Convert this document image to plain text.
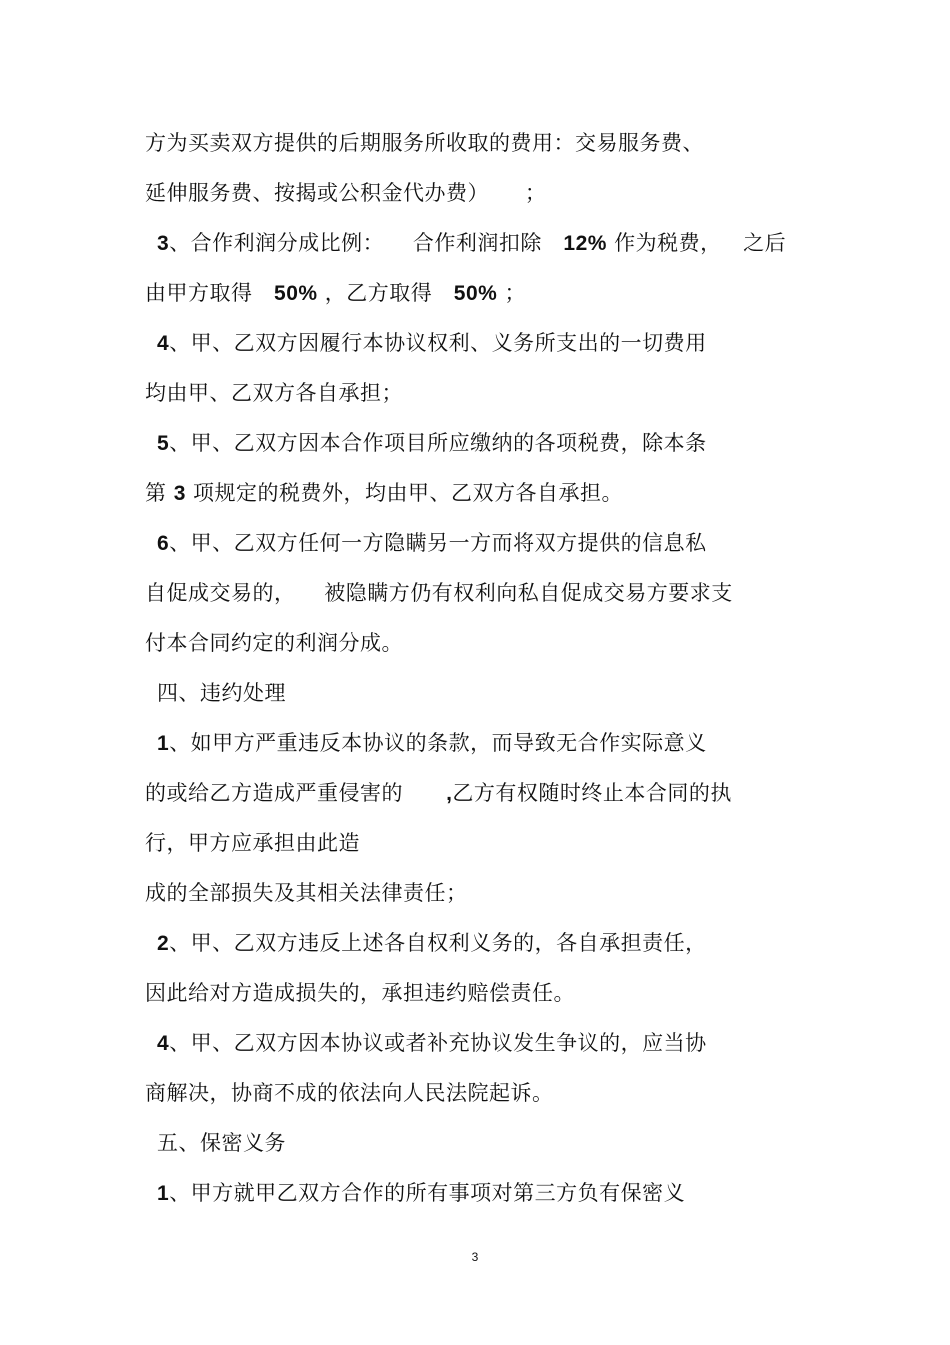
方为买卖双方提供的后期服务所收取的费用：交易服务费、
延伸服务费、按揭或公积金代办费）     ；
3、合作利润分成比例：    合作利润扣除   12% 作为税费，   之后
由甲方取得   50% ，乙方取得   50% ；
4、甲、乙双方因履行本协议权利、义务所支出的一切费用
均由甲、乙双方各自承担；
5、甲、乙双方因本合作项目所应缴纳的各项税费，除本条
第 3 项规定的税费外，均由甲、乙双方各自承担。
6、甲、乙双方任何一方隐瞒另一方而将双方提供的信息私
自促成交易的，    被隐瞒方仍有权利向私自促成交易方要求支
付本合同约定的利润分成。
四、违约处理
1、如甲方严重违反本协议的条款，而导致无合作实际意义
的或给乙方造成严重侵害的      ,乙方有权随时终止本合同的执
行，甲方应承担由此造
成的全部损失及其相关法律责任；
2、甲、乙双方违反上述各自权利义务的，各自承担责任，
因此给对方造成损失的，承担违约赔偿责任。
4、甲、乙双方因本协议或者补充协议发生争议的，应当协
商解决，协商不成的依法向人民法院起诉。
五、保密义务
1、甲方就甲乙双方合作的所有事项对第三方负有保密义
3
